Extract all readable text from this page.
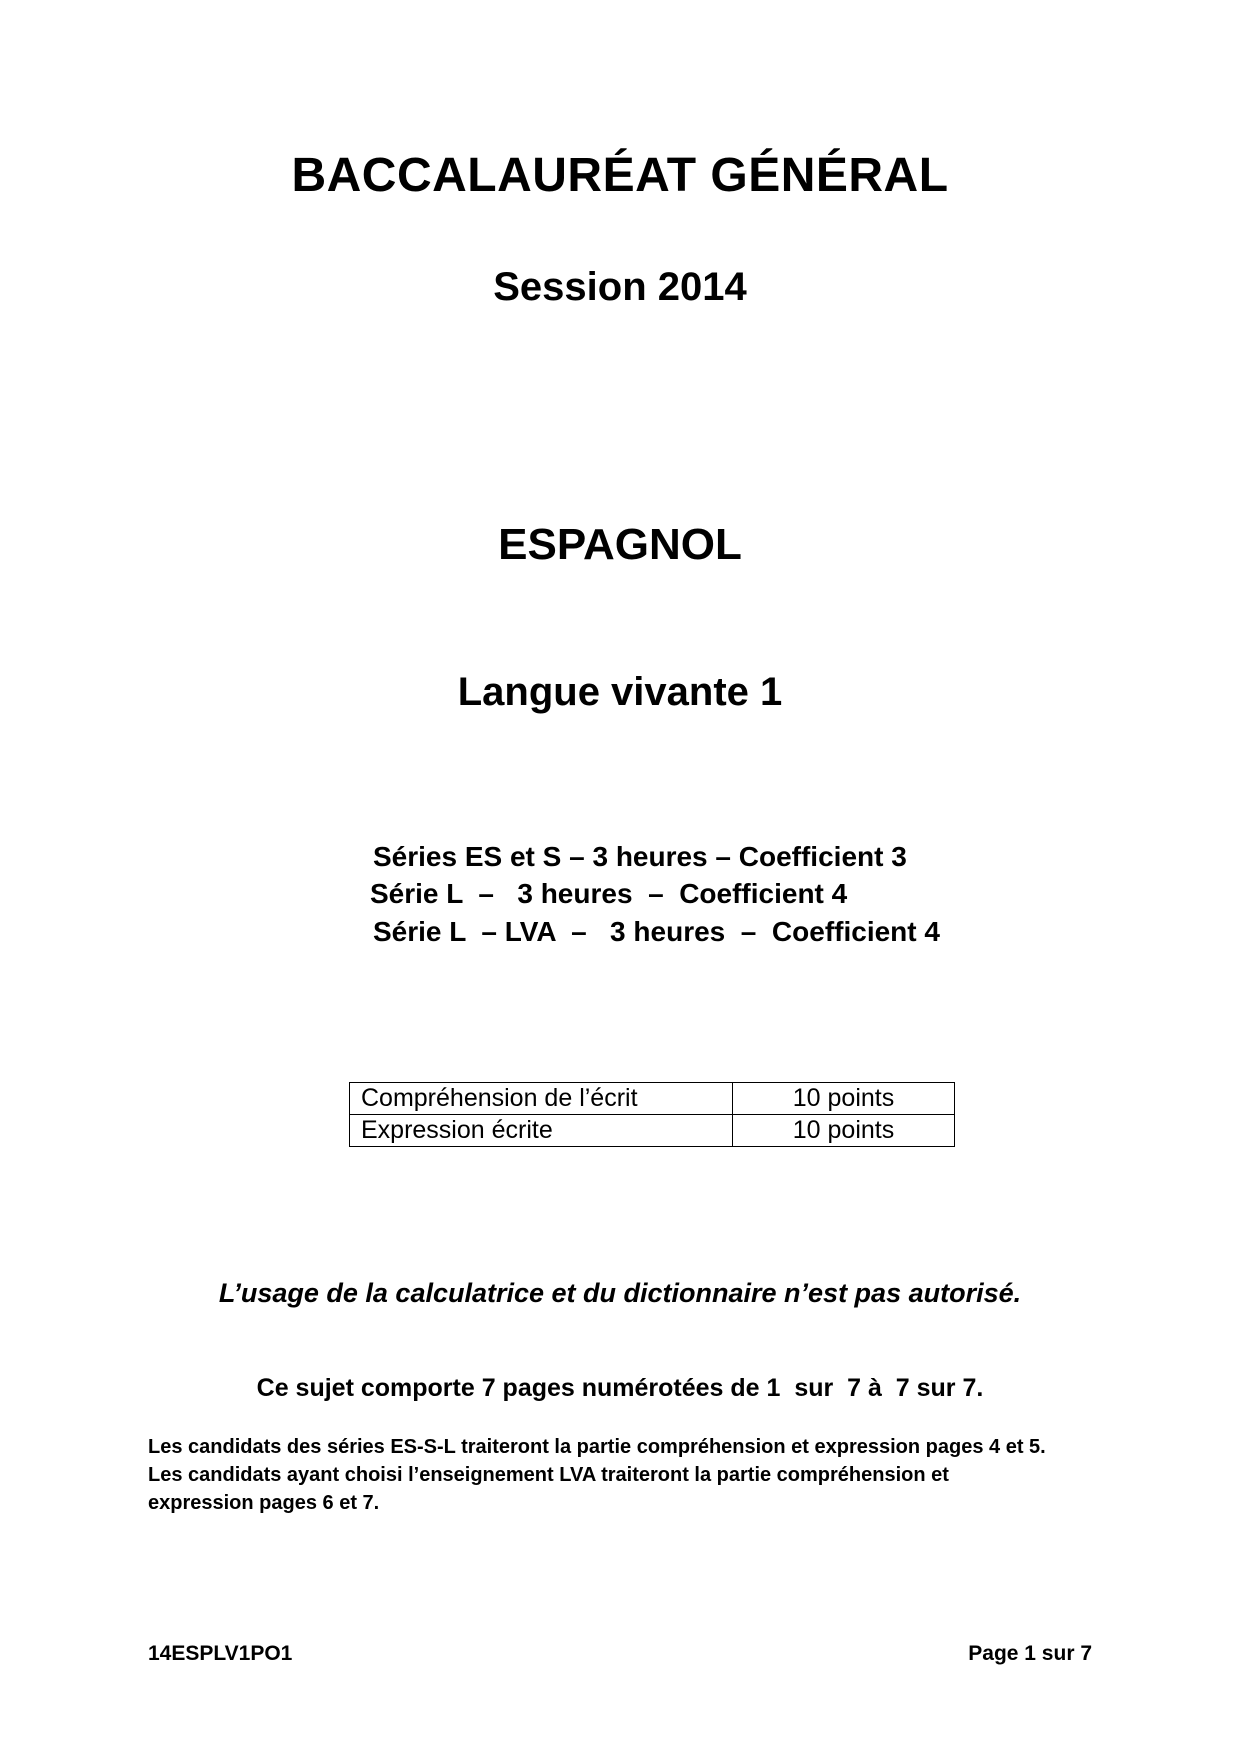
BACCALAURÉAT GÉNÉRAL
Session 2014
ESPAGNOL
Langue vivante 1
Séries ES et S – 3 heures – Coefficient 3
Série L  –   3 heures  –  Coefficient 4
Série L  – LVA  –   3 heures  –  Coefficient 4
Compréhension de l’écrit	10 points
Expression écrite	10 points
L’usage de la calculatrice et du dictionnaire n’est pas autorisé.
Ce sujet comporte 7 pages numérotées de 1  sur  7 à  7 sur 7.
Les candidats des séries ES-S-L traiteront la partie compréhension et expression pages 4 et 5.
Les candidats ayant choisi l’enseignement LVA traiteront la partie compréhension et
expression pages 6 et 7.
14ESPLV1PO1	Page 1 sur 7
